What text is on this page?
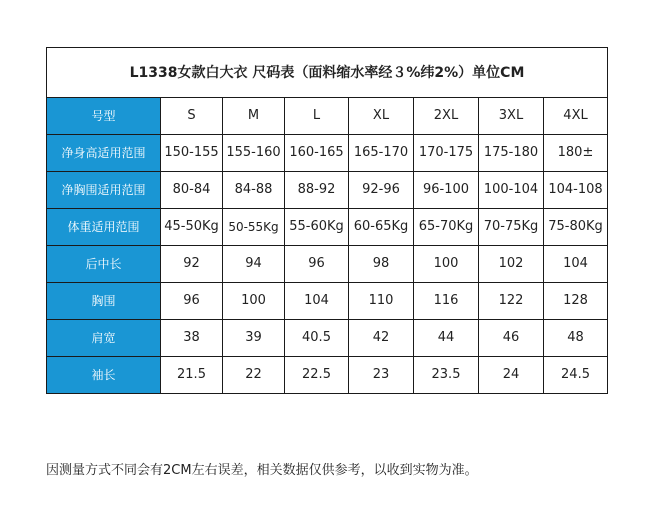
L1338女款白大衣 尺码表（面料缩水率经３%纬2%）单位CM							
号型	S	M	L	XL	2XL	3XL	4XL
净身高适用范围	150-155	155-160	160-165	165-170	170-175	175-180	180±
净胸围适用范围	80-84	84-88	88-92	92-96	96-100	100-104	104-108
体重适用范围	45-50Kg	50-55Kg	55-60Kg	60-65Kg	65-70Kg	70-75Kg	75-80Kg
后中长	92	94	96	98	100	102	104
胸围	96	100	104	110	116	122	128
肩宽	38	39	40.5	42	44	46	48
袖长	21.5	22	22.5	23	23.5	24	24.5

因测量方式不同会有2CM左右误差，相关数据仅供参考，以收到实物为准。
